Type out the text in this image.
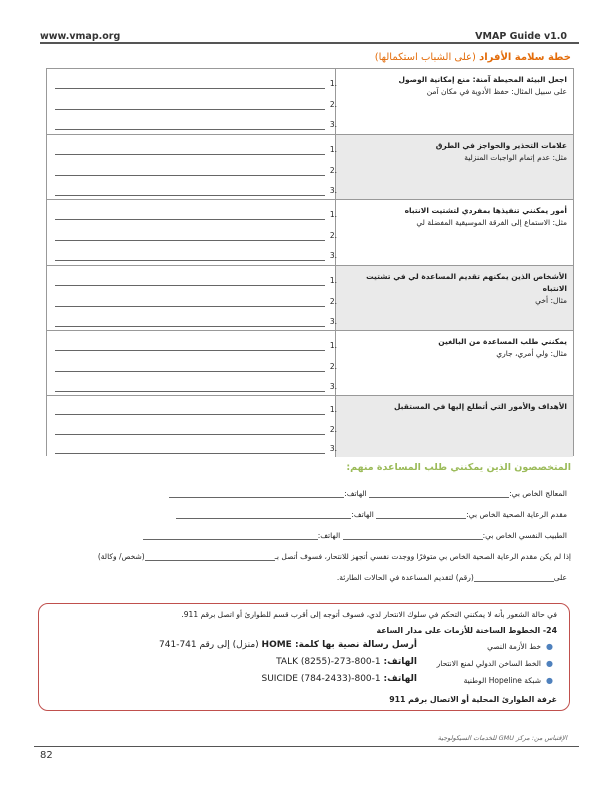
www.vmap.org	VMAP Guide v1.0
خطة سلامة الأفراد (على الشباب استكمالها)
اجعل البيئة المحيطة آمنة: منع إمكانية الوصول
على سبيل المثال: حفظ الأدوية في مكان آمن
1.
2.
3.
علامات التحذير والحواجز في الطرق
مثل: عدم إتمام الواجبات المنزلية
1.
2.
3.
أمور يمكنني تنفيذها بمفردي لتشتيت الانتباه
مثل: الاستماع إلى الفرقة الموسيقية المفضلة لي
1.
2.
3.
الأشخاص الذين يمكنهم تقديم المساعدة لي في تشتيت الانتباه
مثال: أخي
1.
2.
3.
يمكنني طلب المساعدة من البالغين
مثال: ولي أمري، جاري
1.
2.
3.
الأهداف والأمور التي أتطلع إليها في المستقبل
1.
2.
3.
المتخصصون الذين يمكنني طلب المساعدة منهم:
المعالج الخاص بي: الهاتف:
مقدم الرعاية الصحية الخاص بي: الهاتف:
الطبيب النفسي الخاص بي: الهاتف:
إذا لم يكن مقدم الرعاية الصحية الخاص بي متوفرًا ووجدت نفسي أتجهز للانتحار، فسوف أتصل بـ(شخص/ وكالة)
على(رقم) لتقديم المساعدة في الحالات الطارئة.
في حالة الشعور بأنه لا يمكنني التحكم في سلوك الانتحار لدي، فسوف أتوجه إلى أقرب قسم للطوارئ أو اتصل برقم 911.
24- الخطوط الساخنة للأزمات على مدار الساعة
●خط الأزمة النصي
أرسل رسالة نصية بها كلمة: HOME (منزل) إلى رقم 741-741
●الخط الساخن الدولي لمنع الانتحار
الهاتف: 1-800-273-TALK (8255)
●شبكة Hopeline الوطنية
الهاتف: 1-800-SUICIDE (784-2433)
غرفة الطوارئ المحلية أو الاتصال برقم 911
الإقتباس من: مركز GMU للخدمات السيكولوجية
82
